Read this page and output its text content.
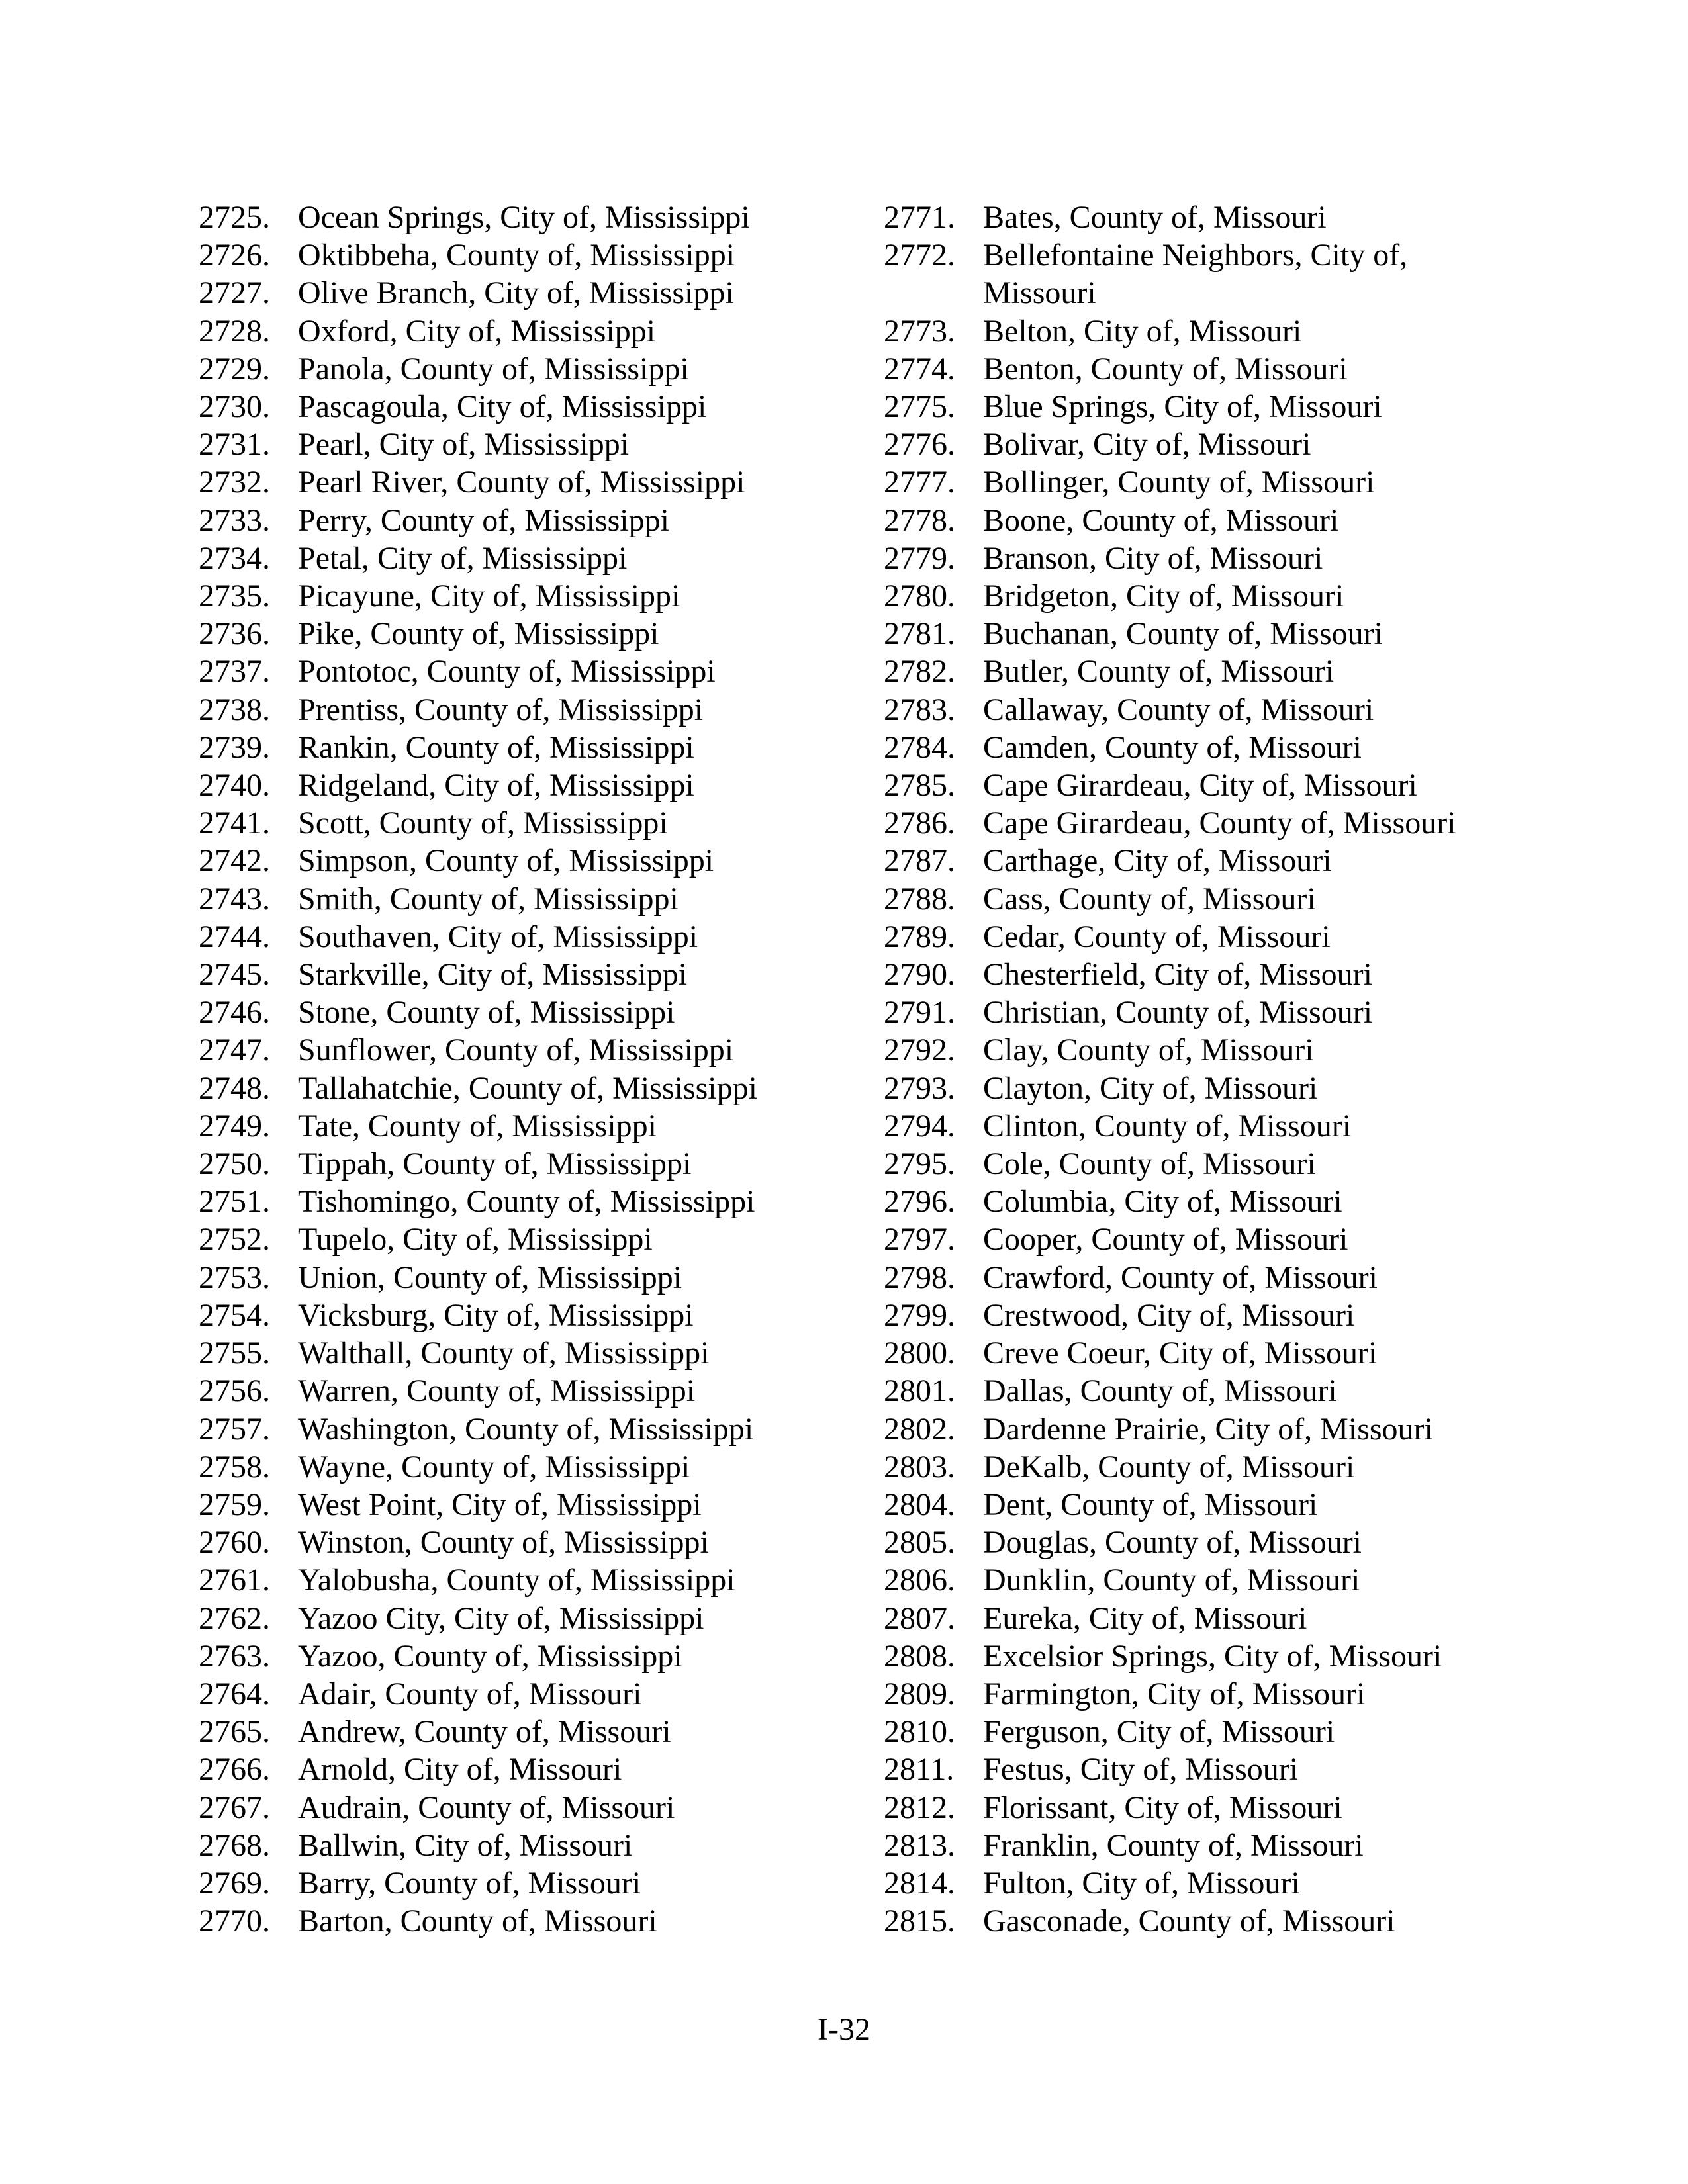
2725. Ocean Springs, City of, Mississippi
2726. Oktibbeha, County of, Mississippi
2727. Olive Branch, City of, Mississippi
2728. Oxford, City of, Mississippi
2729. Panola, County of, Mississippi
2730. Pascagoula, City of, Mississippi
2731. Pearl, City of, Mississippi
2732. Pearl River, County of, Mississippi
2733. Perry, County of, Mississippi
2734. Petal, City of, Mississippi
2735. Picayune, City of, Mississippi
2736. Pike, County of, Mississippi
2737. Pontotoc, County of, Mississippi
2738. Prentiss, County of, Mississippi
2739. Rankin, County of, Mississippi
2740. Ridgeland, City of, Mississippi
2741. Scott, County of, Mississippi
2742. Simpson, County of, Mississippi
2743. Smith, County of, Mississippi
2744. Southaven, City of, Mississippi
2745. Starkville, City of, Mississippi
2746. Stone, County of, Mississippi
2747. Sunflower, County of, Mississippi
2748. Tallahatchie, County of, Mississippi
2749. Tate, County of, Mississippi
2750. Tippah, County of, Mississippi
2751. Tishomingo, County of, Mississippi
2752. Tupelo, City of, Mississippi
2753. Union, County of, Mississippi
2754. Vicksburg, City of, Mississippi
2755. Walthall, County of, Mississippi
2756. Warren, County of, Mississippi
2757. Washington, County of, Mississippi
2758. Wayne, County of, Mississippi
2759. West Point, City of, Mississippi
2760. Winston, County of, Mississippi
2761. Yalobusha, County of, Mississippi
2762. Yazoo City, City of, Mississippi
2763. Yazoo, County of, Mississippi
2764. Adair, County of, Missouri
2765. Andrew, County of, Missouri
2766. Arnold, City of, Missouri
2767. Audrain, County of, Missouri
2768. Ballwin, City of, Missouri
2769. Barry, County of, Missouri
2770. Barton, County of, Missouri
2771. Bates, County of, Missouri
2772. Bellefontaine Neighbors, City of, Missouri
2773. Belton, City of, Missouri
2774. Benton, County of, Missouri
2775. Blue Springs, City of, Missouri
2776. Bolivar, City of, Missouri
2777. Bollinger, County of, Missouri
2778. Boone, County of, Missouri
2779. Branson, City of, Missouri
2780. Bridgeton, City of, Missouri
2781. Buchanan, County of, Missouri
2782. Butler, County of, Missouri
2783. Callaway, County of, Missouri
2784. Camden, County of, Missouri
2785. Cape Girardeau, City of, Missouri
2786. Cape Girardeau, County of, Missouri
2787. Carthage, City of, Missouri
2788. Cass, County of, Missouri
2789. Cedar, County of, Missouri
2790. Chesterfield, City of, Missouri
2791. Christian, County of, Missouri
2792. Clay, County of, Missouri
2793. Clayton, City of, Missouri
2794. Clinton, County of, Missouri
2795. Cole, County of, Missouri
2796. Columbia, City of, Missouri
2797. Cooper, County of, Missouri
2798. Crawford, County of, Missouri
2799. Crestwood, City of, Missouri
2800. Creve Coeur, City of, Missouri
2801. Dallas, County of, Missouri
2802. Dardenne Prairie, City of, Missouri
2803. DeKalb, County of, Missouri
2804. Dent, County of, Missouri
2805. Douglas, County of, Missouri
2806. Dunklin, County of, Missouri
2807. Eureka, City of, Missouri
2808. Excelsior Springs, City of, Missouri
2809. Farmington, City of, Missouri
2810. Ferguson, City of, Missouri
2811. Festus, City of, Missouri
2812. Florissant, City of, Missouri
2813. Franklin, County of, Missouri
2814. Fulton, City of, Missouri
2815. Gasconade, County of, Missouri
I-32
